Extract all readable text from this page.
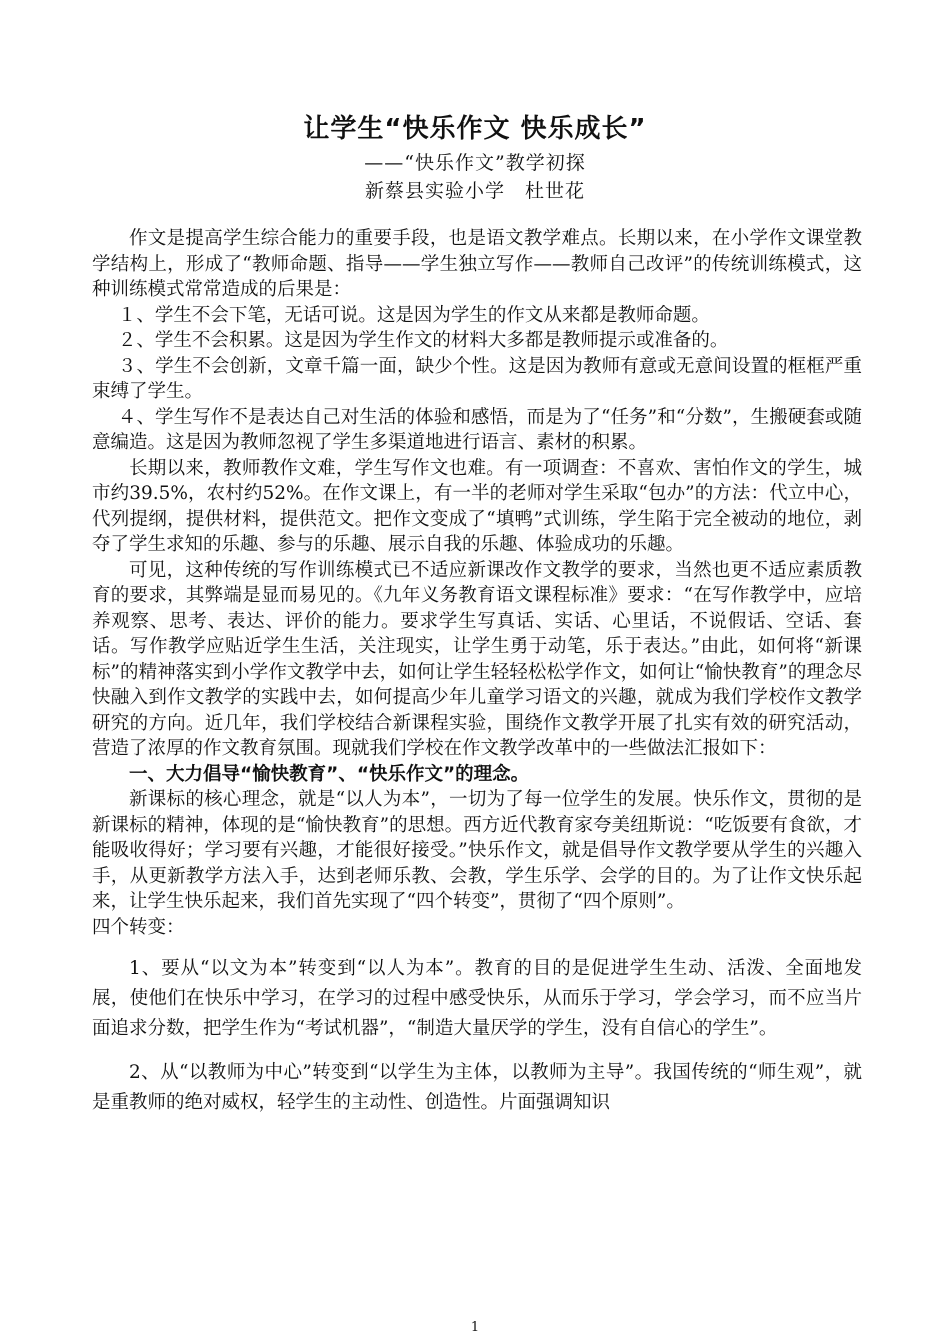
让学生“快乐作文 快乐成长”
——“快乐作文”教学初探
新蔡县实验小学　杜世花

作文是提高学生综合能力的重要手段，也是语文教学难点。长期以来，在小学作文课堂教学结构上，形成了“教师命题、指导——学生独立写作——教师自己改评”的传统训练模式，这种训练模式常常造成的后果是：

１、学生不会下笔，无话可说。这是因为学生的作文从来都是教师命题。

２、学生不会积累。这是因为学生作文的材料大多都是教师提示或准备的。

３、学生不会创新，文章千篇一面，缺少个性。这是因为教师有意或无意间设置的框框严重束缚了学生。

４、学生写作不是表达自己对生活的体验和感悟，而是为了“任务”和“分数”，生搬硬套或随意编造。这是因为教师忽视了学生多渠道地进行语言、素材的积累。

长期以来，教师教作文难，学生写作文也难。有一项调查：不喜欢、害怕作文的学生，城市约39.5%，农村约52%。在作文课上，有一半的老师对学生采取“包办”的方法：代立中心，代列提纲，提供材料，提供范文。把作文变成了“填鸭”式训练，学生陷于完全被动的地位，剥夺了学生求知的乐趣、参与的乐趣、展示自我的乐趣、体验成功的乐趣。

可见，这种传统的写作训练模式已不适应新课改作文教学的要求，当然也更不适应素质教育的要求，其弊端是显而易见的。《九年义务教育语文课程标准》要求：“在写作教学中，应培养观察、思考、表达、评价的能力。要求学生写真话、实话、心里话，不说假话、空话、套话。写作教学应贴近学生生活，关注现实，让学生勇于动笔，乐于表达。”由此，如何将“新课标”的精神落实到小学作文教学中去，如何让学生轻轻松松学作文，如何让“愉快教育”的理念尽快融入到作文教学的实践中去，如何提高少年儿童学习语文的兴趣，就成为我们学校作文教学研究的方向。近几年，我们学校结合新课程实验，围绕作文教学开展了扎实有效的研究活动，营造了浓厚的作文教育氛围。现就我们学校在作文教学改革中的一些做法汇报如下：

一、大力倡导“愉快教育”、“快乐作文”的理念。

新课标的核心理念，就是“以人为本”，一切为了每一位学生的发展。快乐作文，贯彻的是新课标的精神，体现的是“愉快教育”的思想。西方近代教育家夸美纽斯说：“吃饭要有食欲，才能吸收得好；学习要有兴趣，才能很好接受。”快乐作文，就是倡导作文教学要从学生的兴趣入手，从更新教学方法入手，达到老师乐教、会教，学生乐学、会学的目的。为了让作文快乐起来，让学生快乐起来，我们首先实现了“四个转变”，贯彻了“四个原则”。

四个转变：

1、要从“以文为本”转变到“以人为本”。教育的目的是促进学生生动、活泼、全面地发展，使他们在快乐中学习，在学习的过程中感受快乐，从而乐于学习，学会学习，而不应当片面追求分数，把学生作为“考试机器”，“制造大量厌学的学生，没有自信心的学生”。

2、从“以教师为中心”转变到“以学生为主体，以教师为主导”。我国传统的“师生观”，就是重教师的绝对威权，轻学生的主动性、创造性。片面强调知识

1
